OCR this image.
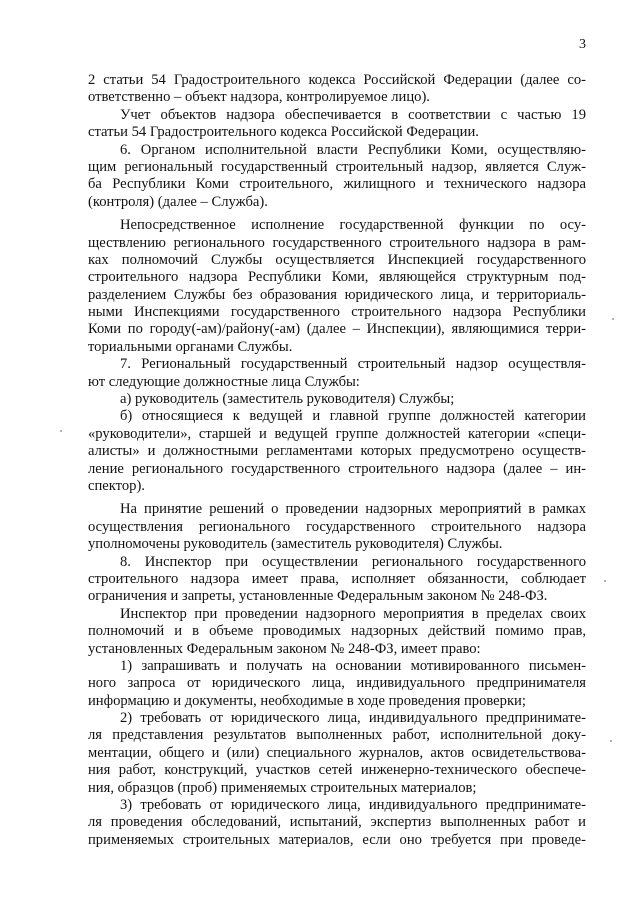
3
2 статьи 54 Градостроительного кодекса Российской Федерации (далее со-
ответственно – объект надзора, контролируемое лицо).
Учет объектов надзора обеспечивается в соответствии с частью 19
статьи 54 Градостроительного кодекса Российской Федерации.
6. Органом исполнительной власти Республики Коми, осуществляю-
щим региональный государственный строительный надзор, является Служ-
ба Республики Коми строительного, жилищного и технического надзора
(контроля) (далее – Служба).
Непосредственное исполнение государственной функции по осу-
ществлению регионального государственного строительного надзора в рам-
ках полномочий Службы осуществляется Инспекцией государственного
строительного надзора Республики Коми, являющейся структурным под-
разделением Службы без образования юридического лица, и территориаль-
ными Инспекциями государственного строительного надзора Республики
Коми по городу(-ам)/району(-ам) (далее – Инспекции), являющимися терри-
ториальными органами Службы.
7. Региональный государственный строительный надзор осуществля-
ют следующие должностные лица Службы:
а) руководитель (заместитель руководителя) Службы;
б) относящиеся к ведущей и главной группе должностей категории
«руководители», старшей и ведущей группе должностей категории «специ-
алисты» и должностными регламентами которых предусмотрено осуществ-
ление регионального государственного строительного надзора (далее – ин-
спектор).
На принятие решений о проведении надзорных мероприятий в рамках
осуществления регионального государственного строительного надзора
уполномочены руководитель (заместитель руководителя) Службы.
8. Инспектор при осуществлении регионального государственного
строительного надзора имеет права, исполняет обязанности, соблюдает
ограничения и запреты, установленные Федеральным законом № 248-ФЗ.
Инспектор при проведении надзорного мероприятия в пределах своих
полномочий и в объеме проводимых надзорных действий помимо прав,
установленных Федеральным законом № 248-ФЗ, имеет право:
1) запрашивать и получать на основании мотивированного письмен-
ного запроса от юридического лица, индивидуального предпринимателя
информацию и документы, необходимые в ходе проведения проверки;
2) требовать от юридического лица, индивидуального предпринимате-
ля представления результатов выполненных работ, исполнительной доку-
ментации, общего и (или) специального журналов, актов освидетельствова-
ния работ, конструкций, участков сетей инженерно-технического обеспече-
ния, образцов (проб) применяемых строительных материалов;
3) требовать от юридического лица, индивидуального предпринимате-
ля проведения обследований, испытаний, экспертиз выполненных работ и
применяемых строительных материалов, если оно требуется при проведе-
